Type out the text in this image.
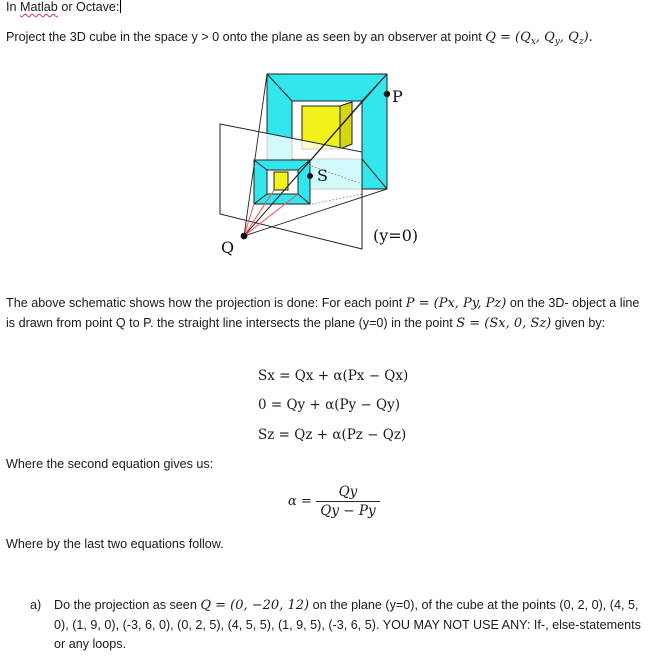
In Matlab or Octave:
Project the 3D cube in the space y > 0 onto the plane as seen by an observer at point $Q = (Q_x$, $Q_y$, $Q_z$).
P
S
Q
(y=0)
The above schematic shows how the projection is done: For each point P = (Px, Py, Pz) on the 3D- object a line is drawn from point Q to P. the straight line intersects the plane (y=0) in the point S = (Sx, 0, Sz) given by:
Sx = Qx + α(Px − Qx)
0 = Qy + α(Py − Qy)
Sz = Qz + α(Pz − Qz)
Where the second equation gives us:
$\alpha = \frac{Qy}{Qy - Py}$
Where by the last two equations follow.
a) Do the projection as seen Q = (0, −20, 12) on the plane (y=0), of the cube at the points (0, 2, 0), (4, 5, 0), (1, 9, 0), (-3, 6, 0), (0, 2, 5), (4, 5, 5), (1, 9, 5), (-3, 6, 5). YOU MAY NOT USE ANY: If-, else-statements or any loops.
